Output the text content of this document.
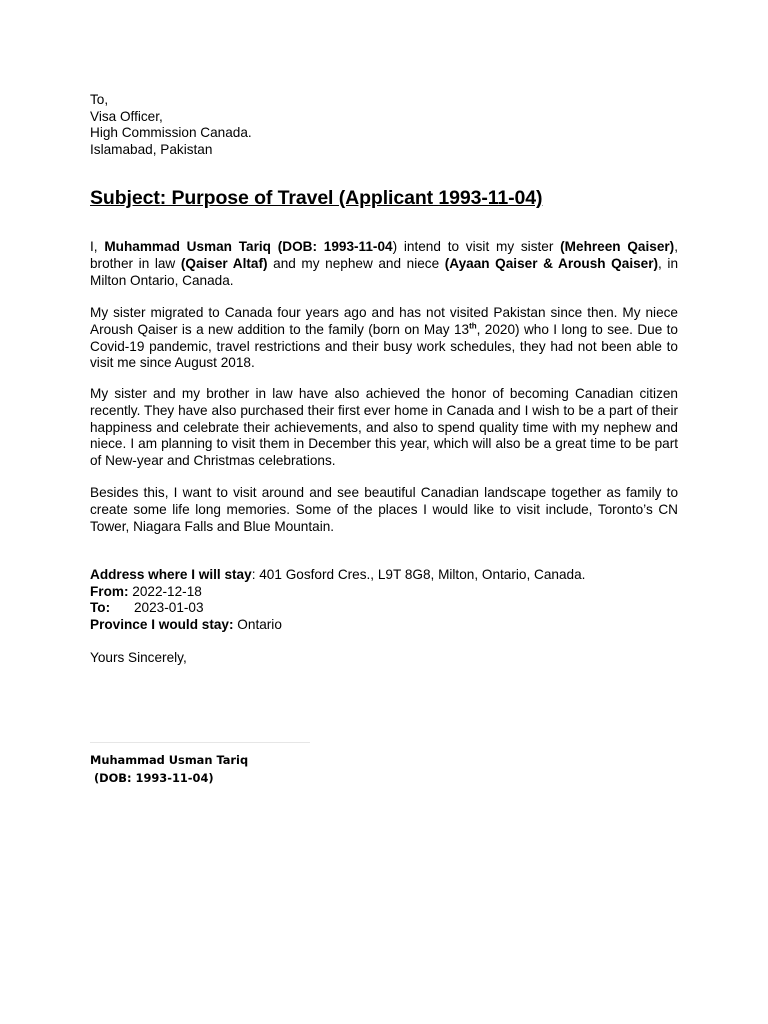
To,
Visa Officer,
High Commission Canada.
Islamabad, Pakistan
Subject: Purpose of Travel (Applicant 1993-11-04)
I, Muhammad Usman Tariq (DOB: 1993-11-04) intend to visit my sister (Mehreen Qaiser), brother in law (Qaiser Altaf) and my nephew and niece (Ayaan Qaiser & Aroush Qaiser), in Milton Ontario, Canada.
My sister migrated to Canada four years ago and has not visited Pakistan since then. My niece Aroush Qaiser is a new addition to the family (born on May 13th, 2020) who I long to see. Due to Covid-19 pandemic, travel restrictions and their busy work schedules, they had not been able to visit me since August 2018.
My sister and my brother in law have also achieved the honor of becoming Canadian citizen recently. They have also purchased their first ever home in Canada and I wish to be a part of their happiness and celebrate their achievements, and also to spend quality time with my nephew and niece. I am planning to visit them in December this year, which will also be a great time to be part of New-year and Christmas celebrations.
Besides this, I want to visit around and see beautiful Canadian landscape together as family to create some life long memories. Some of the places I would like to visit include, Toronto’s CN Tower, Niagara Falls and Blue Mountain.
Address where I will stay: 401 Gosford Cres., L9T 8G8, Milton, Ontario, Canada.
From: 2022-12-18
To: 2023-01-03
Province I would stay: Ontario
Yours Sincerely,
Muhammad Usman Tariq
(DOB: 1993-11-04)
